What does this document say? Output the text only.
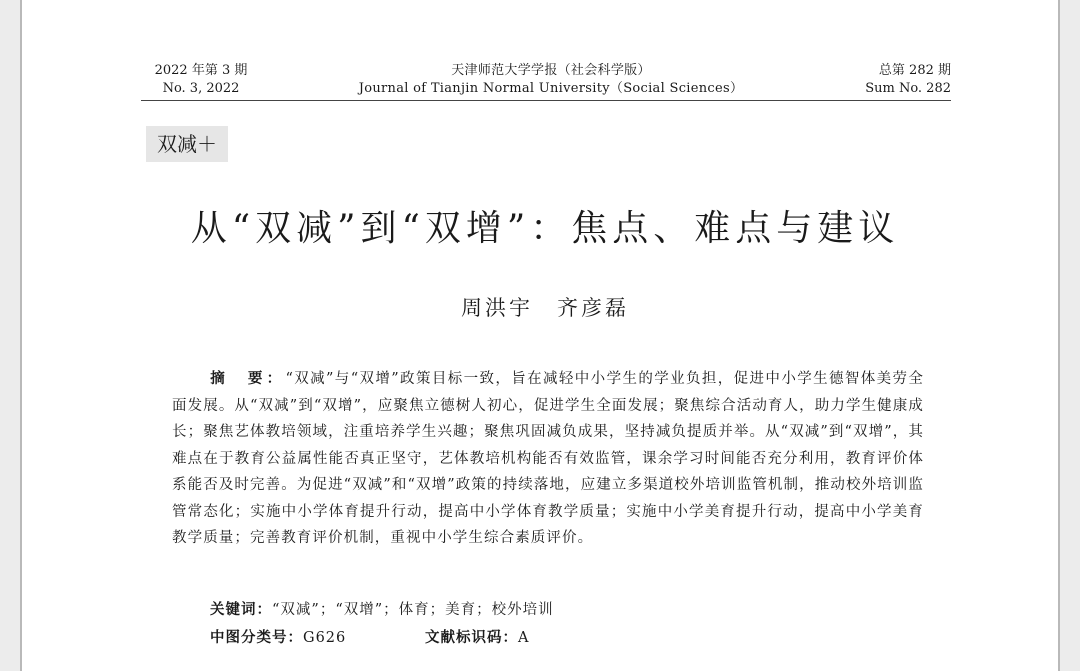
2022 年第 3 期
No. 3, 2022
天津师范大学学报（社会科学版）
Journal of Tianjin Normal University（Social Sciences）
总第 282 期
Sum No. 282
双减＋
从“双减”到“双增”：焦点、难点与建议
周洪宇　齐彦磊
摘　要：“双减”与“双增”政策目标一致，旨在减轻中小学生的学业负担，促进中小学生德智体美劳全面发展。从“双减”到“双增”，应聚焦立德树人初心，促进学生全面发展；聚焦综合活动育人，助力学生健康成长；聚焦艺体教培领域，注重培养学生兴趣；聚焦巩固减负成果，坚持减负提质并举。从“双减”到“双增”，其难点在于教育公益属性能否真正坚守，艺体教培机构能否有效监管，课余学习时间能否充分利用，教育评价体系能否及时完善。为促进“双减”和“双增”政策的持续落地，应建立多渠道校外培训监管机制，推动校外培训监管常态化；实施中小学体育提升行动，提高中小学体育教学质量；实施中小学美育提升行动，提高中小学美育教学质量；完善教育评价机制，重视中小学生综合素质评价。
关键词：“双减”；“双增”；体育；美育；校外培训
中图分类号：G626	文献标识码：A
